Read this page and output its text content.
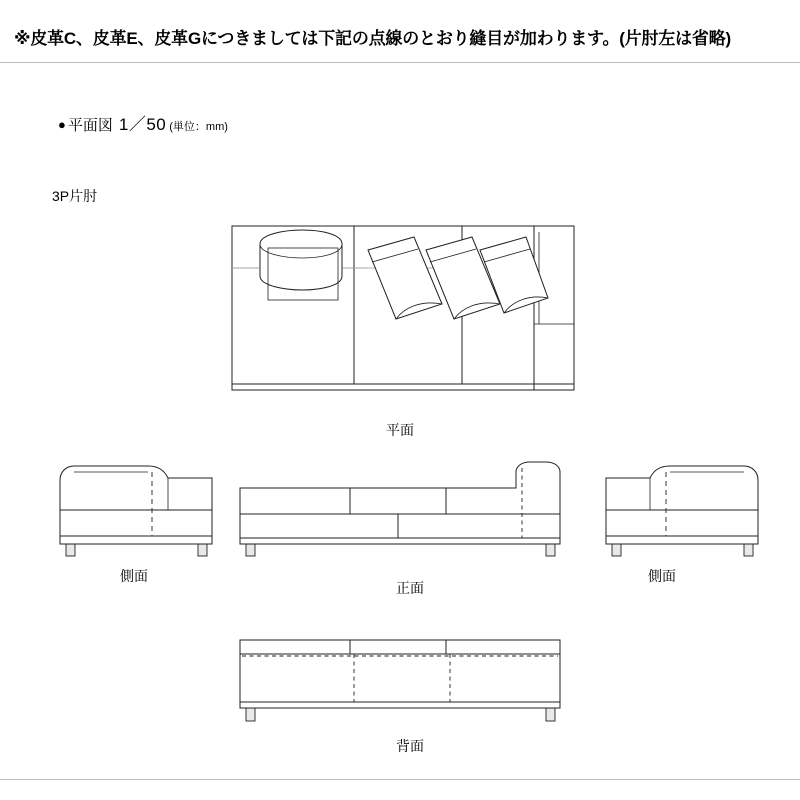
※皮革C、皮革E、皮革Gにつきましては下記の点線のとおり縫目が加わります。(片肘左は省略)
● 平面図 1／50 (単位：mm)
3P片肘
平面
側面
正面
側面
背面
